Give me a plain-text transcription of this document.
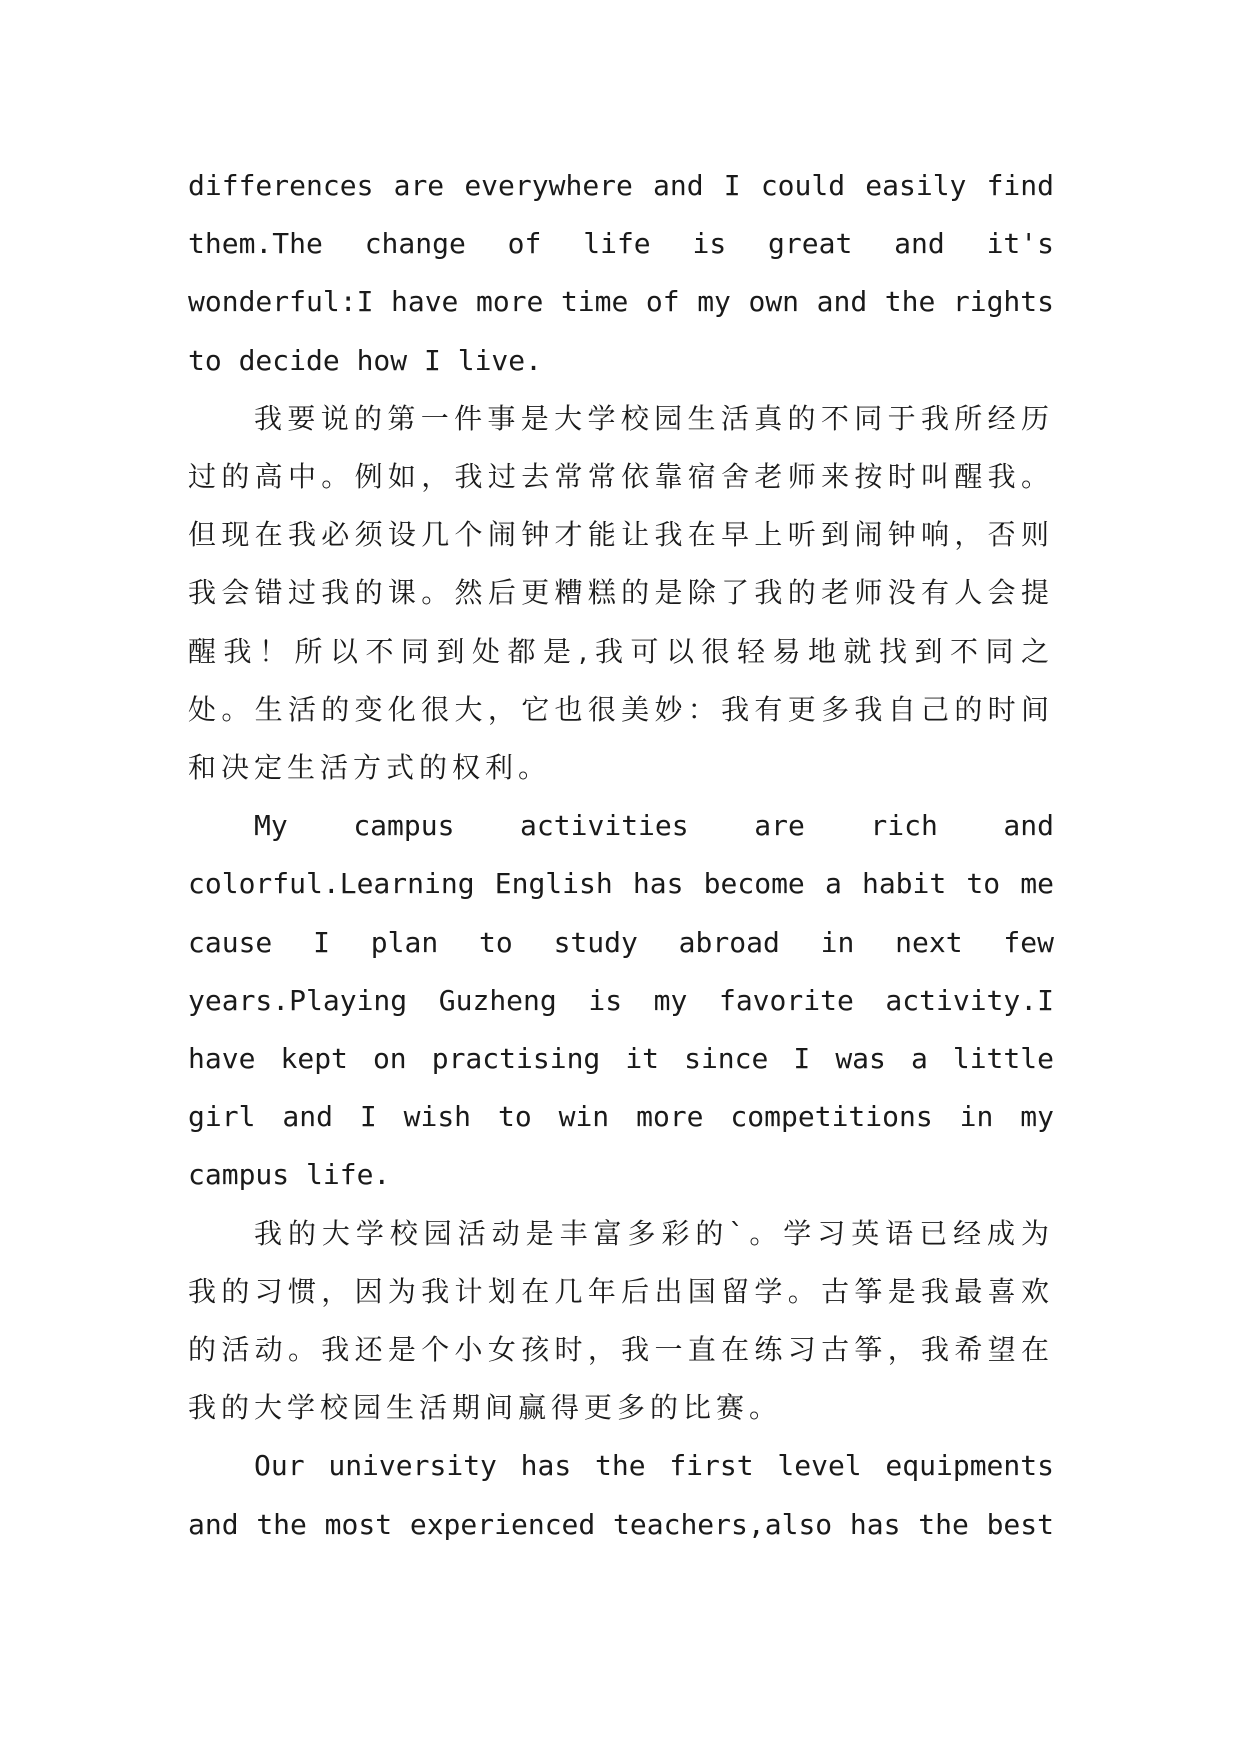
differences are everywhere and I could easily find them.The change of life is great and it's wonderful:I have more time of my own and the rights to decide how I live.

我要说的第一件事是大学校园生活真的不同于我所经历过的高中。例如，我过去常常依靠宿舍老师来按时叫醒我。但现在我必须设几个闹钟才能让我在早上听到闹钟响，否则我会错过我的课。然后更糟糕的是除了我的老师没有人会提醒我！所以不同到处都是,我可以很轻易地就找到不同之处。生活的变化很大，它也很美妙：我有更多我自己的时间和决定生活方式的权利。

My campus activities are rich and colorful.Learning English has become a habit to me cause I plan to study abroad in next few years.Playing Guzheng is my favorite activity.I have kept on practising it since I was a little girl and I wish to win more competitions in my campus life.

我的大学校园活动是丰富多彩的`。学习英语已经成为我的习惯，因为我计划在几年后出国留学。古筝是我最喜欢的活动。我还是个小女孩时，我一直在练习古筝，我希望在我的大学校园生活期间赢得更多的比赛。

Our university has the first level equipments and the most experienced teachers,also has the best
